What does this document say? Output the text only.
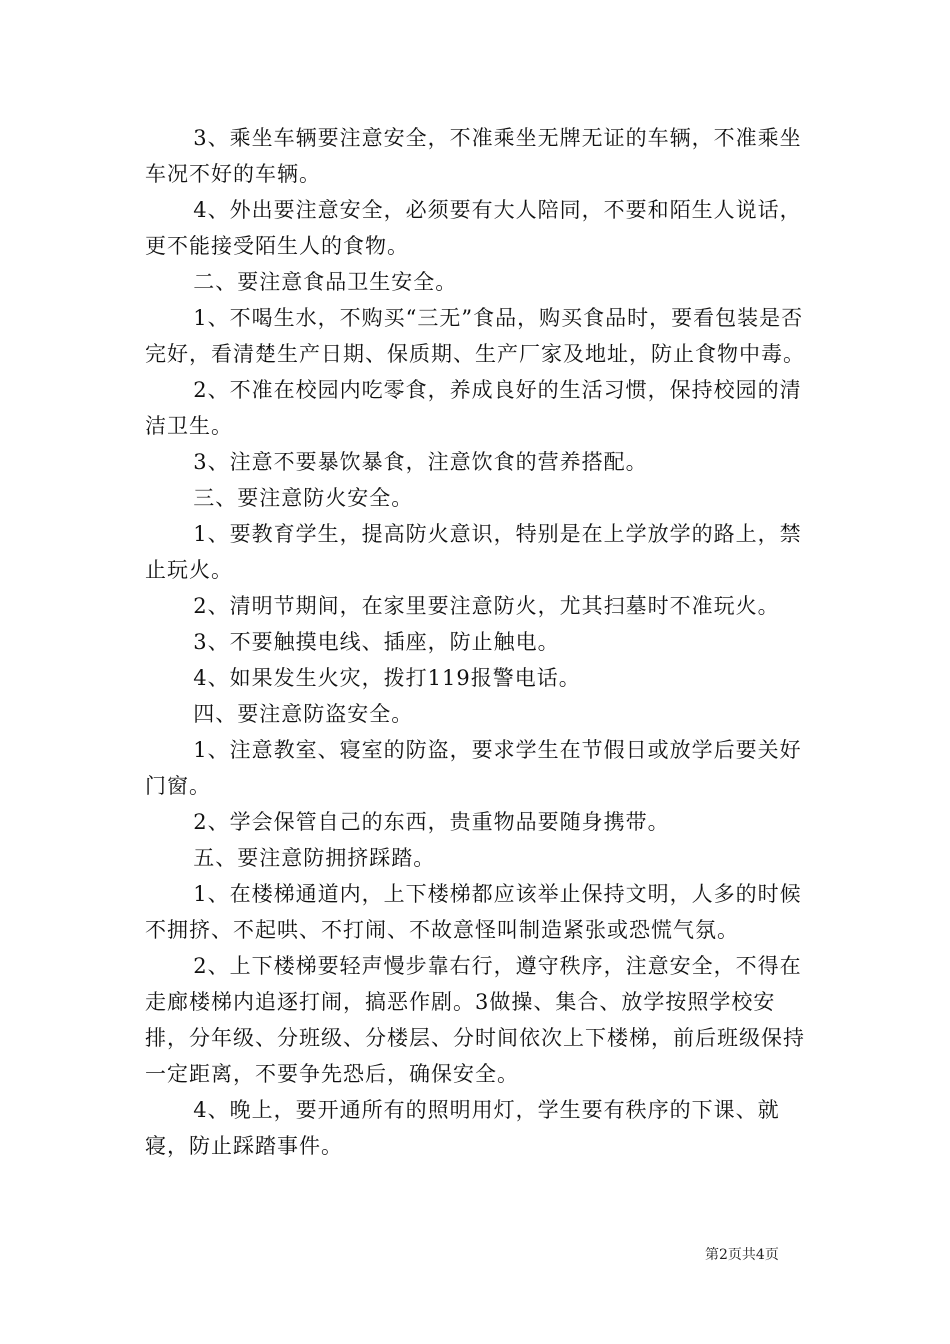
3、乘坐车辆要注意安全，不准乘坐无牌无证的车辆，不准乘坐车况不好的车辆。

4、外出要注意安全，必须要有大人陪同，不要和陌生人说话，更不能接受陌生人的食物。

二、要注意食品卫生安全。

1、不喝生水，不购买“三无”食品，购买食品时，要看包装是否完好，看清楚生产日期、保质期、生产厂家及地址，防止食物中毒。

2、不准在校园内吃零食，养成良好的生活习惯，保持校园的清洁卫生。

3、注意不要暴饮暴食，注意饮食的营养搭配。

三、要注意防火安全。

1、要教育学生，提高防火意识，特别是在上学放学的路上，禁止玩火。

2、清明节期间，在家里要注意防火，尤其扫墓时不准玩火。

3、不要触摸电线、插座，防止触电。

4、如果发生火灾，拨打119报警电话。

四、要注意防盗安全。

1、注意教室、寝室的防盗，要求学生在节假日或放学后要关好门窗。

2、学会保管自己的东西，贵重物品要随身携带。

五、要注意防拥挤踩踏。

1、在楼梯通道内，上下楼梯都应该举止保持文明，人多的时候不拥挤、不起哄、不打闹、不故意怪叫制造紧张或恐慌气氛。

2、上下楼梯要轻声慢步靠右行，遵守秩序，注意安全，不得在走廊楼梯内追逐打闹，搞恶作剧。3做操、集合、放学按照学校安排，分年级、分班级、分楼层、分时间依次上下楼梯，前后班级保持一定距离，不要争先恐后，确保安全。

4、晚上，要开通所有的照明用灯，学生要有秩序的下课、就寝，防止踩踏事件。

第2页共4页
